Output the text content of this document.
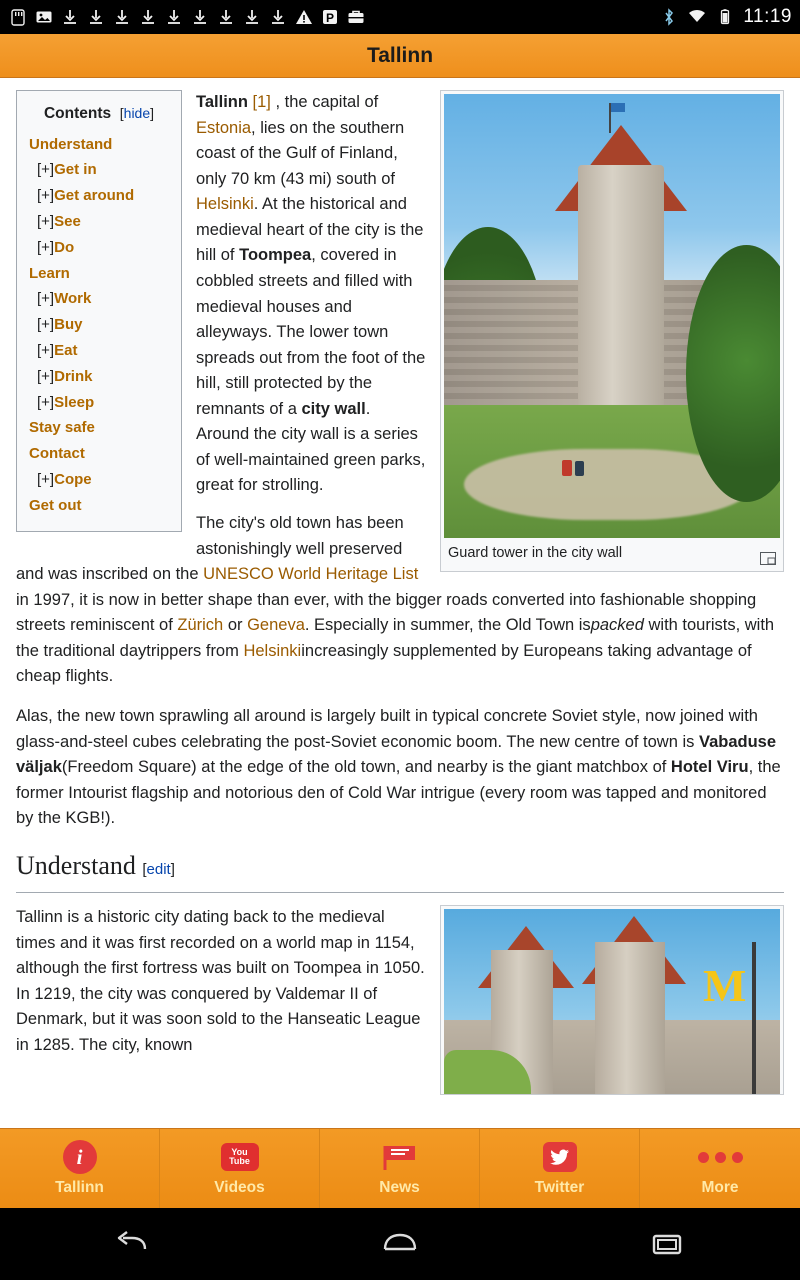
P	11:19
Tallinn
Contents [hide]
Understand
[+]Get in
[+]Get around
[+]See
[+]Do
Learn
[+]Work
[+]Buy
[+]Eat
[+]Drink
[+]Sleep
Stay safe
Contact
[+]Cope
Get out
Guard tower in the city wall

Tallinn [1] , the capital of Estonia, lies on the southern coast of the Gulf of Finland, only 70 km (43 mi) south of Helsinki. At the historical and medieval heart of the city is the hill of Toompea, covered in cobbled streets and filled with medieval houses and alleyways. The lower town spreads out from the foot of the hill, still protected by the remnants of a city wall. Around the city wall is a series of well-maintained green parks, great for strolling.

The city's old town has been astonishingly well preserved and was inscribed on the UNESCO World Heritage List in 1997, it is now in better shape than ever, with the bigger roads converted into fashionable shopping streets reminiscent of Zürich or Geneva. Especially in summer, the Old Town ispacked with tourists, with the traditional daytrippers from Helsinkiincreasingly supplemented by Europeans taking advantage of cheap flights.

Alas, the new town sprawling all around is largely built in typical concrete Soviet style, now joined with glass-and-steel cubes celebrating the post-Soviet economic boom. The new centre of town is Vabaduse väljak(Freedom Square) at the edge of the old town, and nearby is the giant matchbox of Hotel Viru, the former Intourist flagship and notorious den of Cold War intrigue (every room was tapped and monitored by the KGB!).

Understand [edit]
M

Tallinn is a historic city dating back to the medieval times and it was first recorded on a world map in 1154, although the first fortress was built on Toompea in 1050. In 1219, the city was conquered by Valdemar II of Denmark, but it was soon sold to the Hanseatic League in 1285. The city, known

i
Tallinn
You
Tube
Videos	News	Twitter	More
